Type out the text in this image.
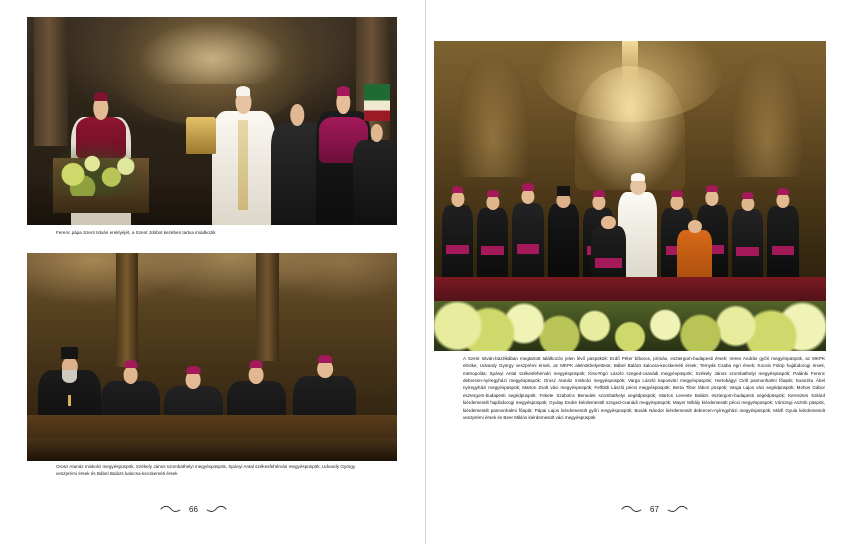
Ferenc pápa Szent István ereklyéjét, a Szent Jobbot kezében tartva imádkozik
Orosz Atanáz miskolci megyéspüspök, Székely János szombathelyi megyéspüspök, Spányi Antal székesfehérvári megyéspüspök, Udvardy György veszprémi érsek és Bábel Balázs kalocsa-kecskeméti érsek
66
A Szent István-bazilikában megtartott találkozón jelen lévő püspökök: Erdő Péter bíboros, prímás, esztergom-budapesti érsek; Veres András győri megyéspüspök, az MKPK elnöke; Udvardy György veszprémi érsek, az MKPK alelnökhelyettese; Bábel Balázs kalocsa-kecskeméti érsek; Ternyák Csaba egri érsek; Kocsis Fülöp hajdúdorogi érsek, metropolita; Spányi Antal székesfehérvári megyéspüspök; Kiss-Rigó László szeged-csanádi megyéspüspök; Székely János szombathelyi megyéspüspök; Palánki Ferenc debrecen-nyíregyházi megyéspüspök; Orosz Atanáz miskolci megyéspüspök; Varga László kaposvári megyéspüspök; Hortobágyi Cirill pannonhalmi főapát; Soanzku Ábel nyíregyházi megyéspüspök; Marton Zsolt váci megyéspüspök; Felföldi László pécsi megyéspüspök; Berta Tibor tábori püspök; Varga Lajos váci segédpüspök; Mohos Gábor esztergom-budapesti segédpüspök; Fekete Szabolcs Benedek szombathelyi segédpüspök; Martos Levente Balázs esztergom-budapesti segédpüspök; Keresztes Szilárd kiérdemesült hajdúdorogi megyéspüspök; Gyulay Endre kiérdemesült szeged-csanádi megyéspüspök; Mayer Mihály kiérdemesült pécsi megyéspüspök; Várszegi Asztrik püspök, kiérdemesült pannonhalmi főapát; Pápai Lajos kiérdemesült győri megyéspüspök; Bosák Nándor kiérdemesült debrecen-nyíregyházi megyéspüspök; Márfi Gyula kiérdemesült veszprémi érsek és Beer Miklós kiérdemesült váci megyéspüspök
67
